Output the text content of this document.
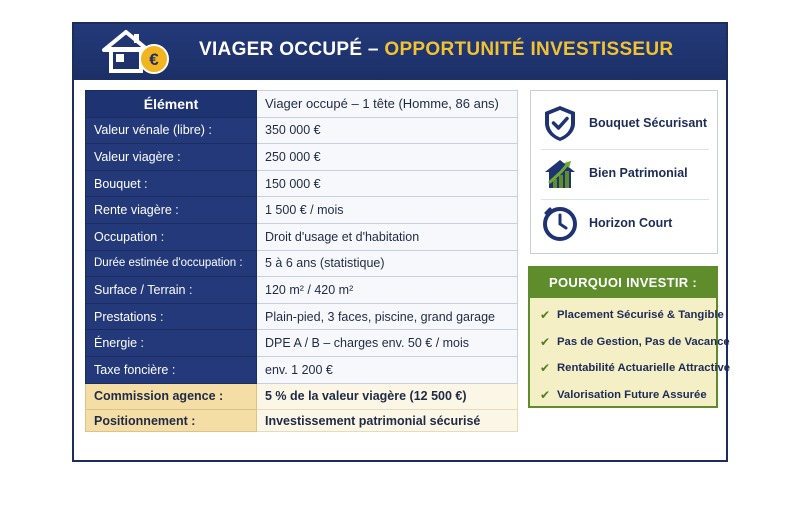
€ VIAGER OCCUPÉ – OPPORTUNITÉ INVESTISSEUR
Élément	Viager occupé – 1 tête (Homme, 86 ans)
Valeur vénale (libre) :	350 000 €
Valeur viagère :	250 000 €
Bouquet :	150 000 €
Rente viagère :	1 500 € / mois
Occupation :	Droit d'usage et d'habitation
Durée estimée d'occupation :	5 à 6 ans (statistique)
Surface / Terrain :	120 m² / 420 m²
Prestations :	Plain-pied, 3 faces, piscine, grand garage
Énergie :	DPE A / B – charges env. 50 € / mois
Taxe foncière :	env. 1 200 €
Commission agence :	5 % de la valeur viagère (12 500 €)
Positionnement :	Investissement patrimonial sécurisé
Bouquet Sécurisant
Bien Patrimonial
Horizon Court
POURQUOI INVESTIR :
✔ Placement Sécurisé & Tangible
✔ Pas de Gestion, Pas de Vacance
✔ Rentabilité Actuarielle Attractive
✔ Valorisation Future Assurée
